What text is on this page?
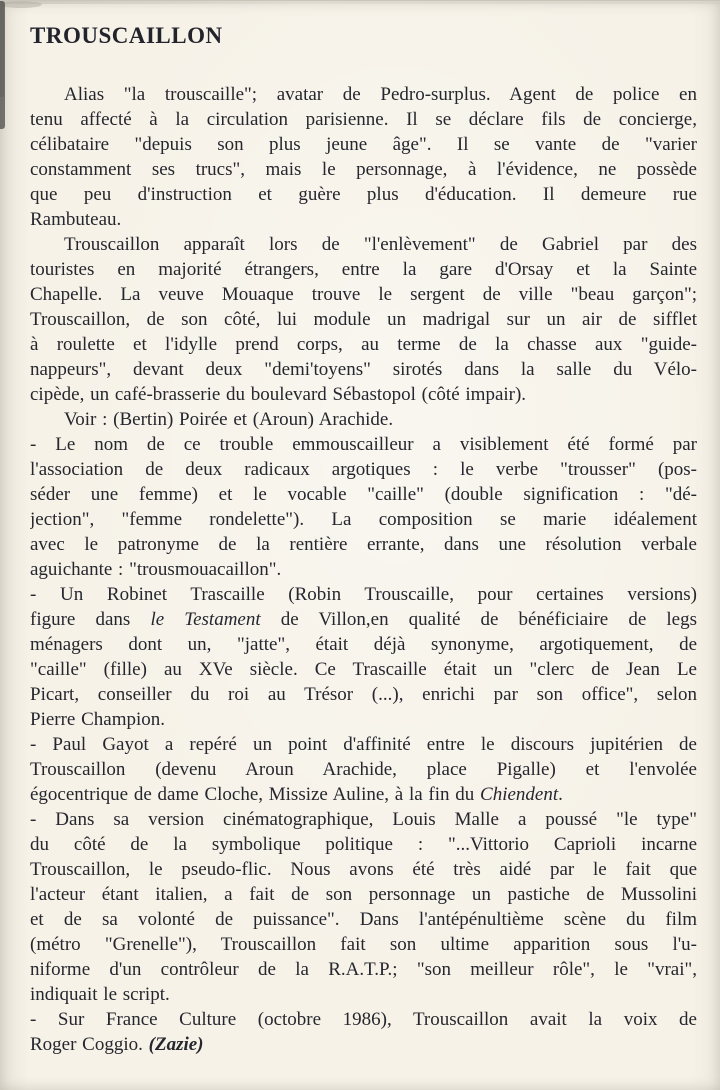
TROUSCAILLON
Alias "la trouscaille"; avatar de Pedro-surplus. Agent de police en
tenu affecté à la circulation parisienne. Il se déclare fils de concierge,
célibataire "depuis son plus jeune âge". Il se vante de "varier
constamment ses trucs", mais le personnage, à l'évidence, ne possède
que peu d'instruction et guère plus d'éducation. Il demeure rue
Rambuteau.
Trouscaillon apparaît lors de "l'enlèvement" de Gabriel par des
touristes en majorité étrangers, entre la gare d'Orsay et la Sainte
Chapelle. La veuve Mouaque trouve le sergent de ville "beau garçon";
Trouscaillon, de son côté, lui module un madrigal sur un air de sifflet
à roulette et l'idylle prend corps, au terme de la chasse aux "guide-
nappeurs", devant deux "demi'toyens" sirotés dans la salle du Vélo-
cipède, un café-brasserie du boulevard Sébastopol (côté impair).
Voir : (Bertin) Poirée et (Aroun) Arachide.
- Le nom de ce trouble emmouscailleur a visiblement été formé par
l'association de deux radicaux argotiques : le verbe "trousser" (pos-
séder une femme) et le vocable "caille" (double signification : "dé-
jection", "femme rondelette"). La composition se marie idéalement
avec le patronyme de la rentière errante, dans une résolution verbale
aguichante : "trousmouacaillon".
- Un Robinet Trascaille (Robin Trouscaille, pour certaines versions)
figure dans le Testament de Villon,en qualité de bénéficiaire de legs
ménagers dont un, "jatte", était déjà synonyme, argotiquement, de
"caille" (fille) au XVe siècle. Ce Trascaille était un "clerc de Jean Le
Picart, conseiller du roi au Trésor (...), enrichi par son office", selon
Pierre Champion.
- Paul Gayot a repéré un point d'affinité entre le discours jupitérien de
Trouscaillon (devenu Aroun Arachide, place Pigalle) et l'envolée
égocentrique de dame Cloche, Missize Auline, à la fin du Chiendent.
- Dans sa version cinématographique, Louis Malle a poussé "le type"
du côté de la symbolique politique : "...Vittorio Caprioli incarne
Trouscaillon, le pseudo-flic. Nous avons été très aidé par le fait que
l'acteur étant italien, a fait de son personnage un pastiche de Mussolini
et de sa volonté de puissance". Dans l'antépénultième scène du film
(métro "Grenelle"), Trouscaillon fait son ultime apparition sous l'u-
niforme d'un contrôleur de la R.A.T.P.; "son meilleur rôle", le "vrai",
indiquait le script.
- Sur France Culture (octobre 1986), Trouscaillon avait la voix de
Roger Coggio. (Zazie)
